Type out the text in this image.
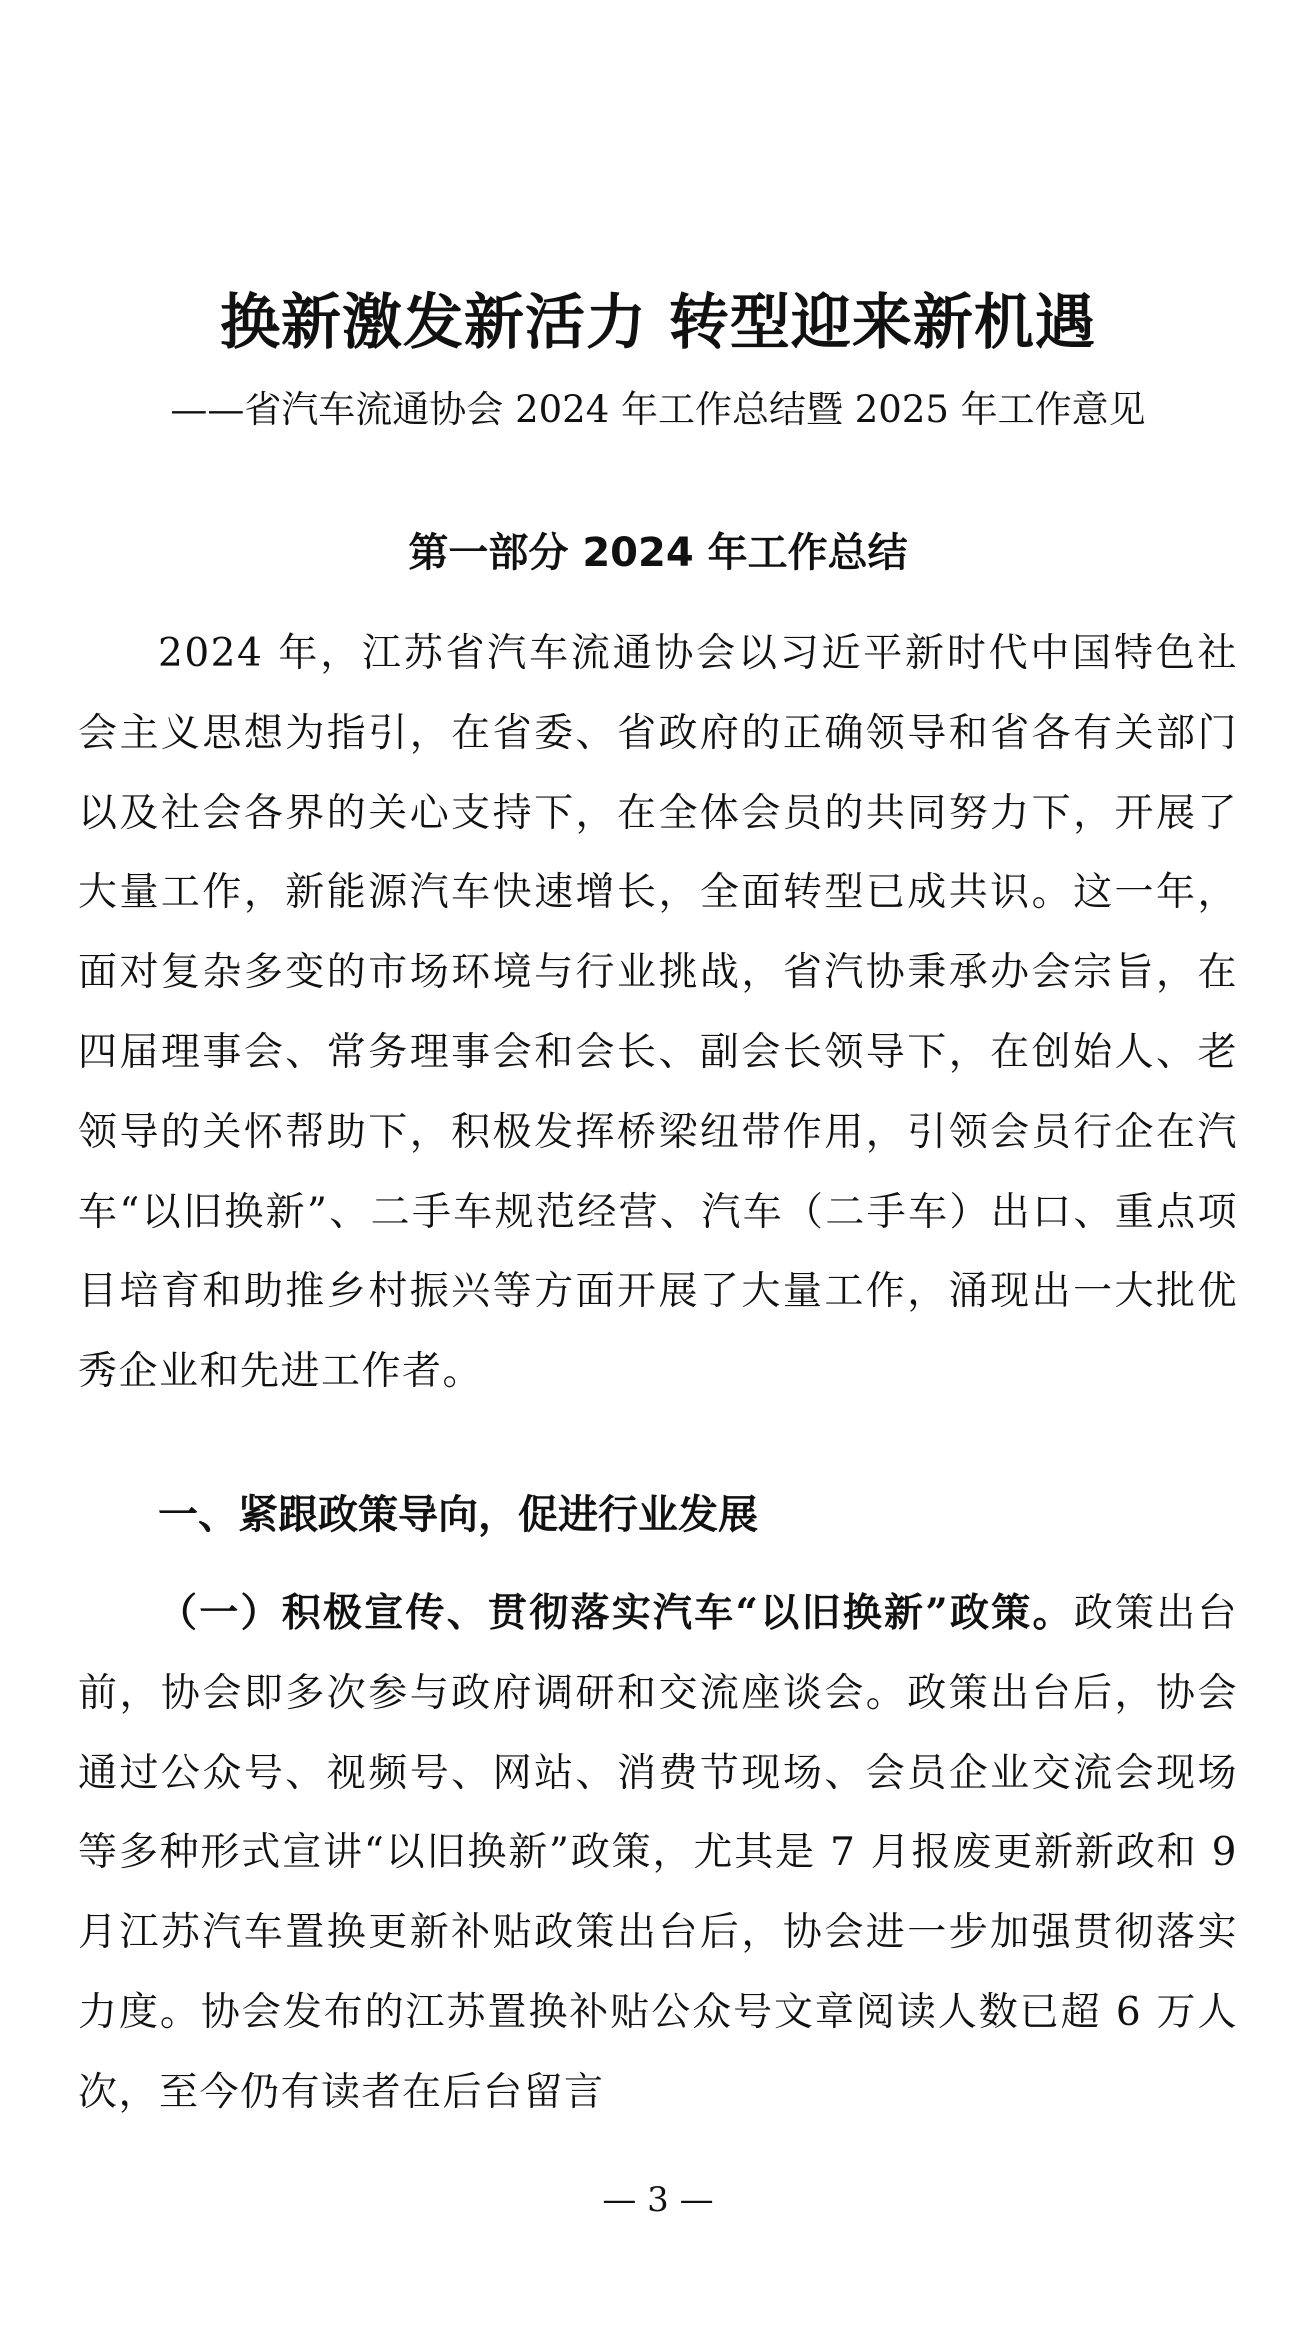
换新激发新活力 转型迎来新机遇

——省汽车流通协会 2024 年工作总结暨 2025 年工作意见

第一部分 2024 年工作总结

2024 年，江苏省汽车流通协会以习近平新时代中国特色社会主义思想为指引，在省委、省政府的正确领导和省各有关部门以及社会各界的关心支持下，在全体会员的共同努力下，开展了大量工作，新能源汽车快速增长，全面转型已成共识。这一年，面对复杂多变的市场环境与行业挑战，省汽协秉承办会宗旨，在四届理事会、常务理事会和会长、副会长领导下，在创始人、老领导的关怀帮助下，积极发挥桥梁纽带作用，引领会员行企在汽车“以旧换新”、二手车规范经营、汽车（二手车）出口、重点项目培育和助推乡村振兴等方面开展了大量工作，涌现出一大批优秀企业和先进工作者。

一、紧跟政策导向，促进行业发展

（一）积极宣传、贯彻落实汽车“以旧换新”政策。政策出台前，协会即多次参与政府调研和交流座谈会。政策出台后，协会通过公众号、视频号、网站、消费节现场、会员企业交流会现场等多种形式宣讲“以旧换新”政策，尤其是 7 月报废更新新政和 9 月江苏汽车置换更新补贴政策出台后，协会进一步加强贯彻落实力度。协会发布的江苏置换补贴公众号文章阅读人数已超 6 万人次，至今仍有读者在后台留言

— 3 —
